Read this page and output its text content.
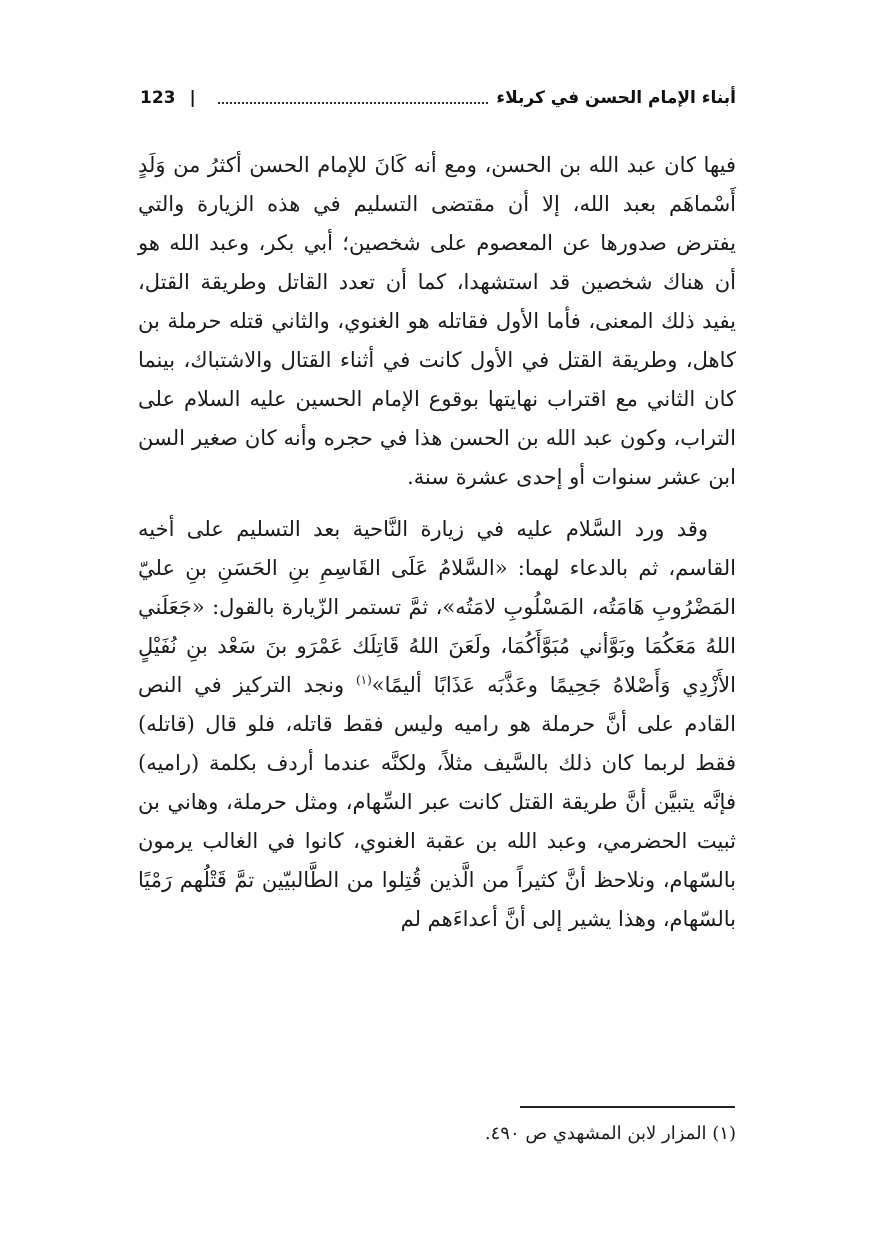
أبناء الإمام الحسن في كربلاء
|
123

فيها كان عبد الله بن الحسن، ومع أنه كَانَ للإمام الحسن أكثرُ من وَلَدٍ أَسْماهَم بعبد الله، إلا أن مقتضى التسليم في هذه الزيارة والتي يفترض صدورها عن المعصوم على شخصين؛ أبي بكر، وعبد الله هو أن هناك شخصين قد استشهدا، كما أن تعدد القاتل وطريقة القتل، يفيد ذلك المعنى، فأما الأول فقاتله هو الغنوي، والثاني قتله حرملة بن كاهل، وطريقة القتل في الأول كانت في أثناء القتال والاشتباك، بينما كان الثاني مع اقتراب نهايتها بوقوع الإمام الحسين عليه السلام على التراب، وكون عبد الله بن الحسن هذا في حجره وأنه كان صغير السن ابن عشر سنوات أو إحدى عشرة سنة.

وقد ورد السَّلام عليه في زيارة النَّاحية بعد التسليم على أخيه القاسم، ثم بالدعاء لهما: «السَّلامُ عَلَى القَاسِمِ بنِ الحَسَنِ بنِ عليّ المَضْرُوبِ هَامَتُه، المَسْلُوبِ لامَتُه»، ثمَّ تستمر الزّيارة بالقول: «جَعَلَني اللهُ مَعَكُمَا وبَوَّأني مُبَوَّأَكُمَا، ولَعَنَ اللهُ قَاتِلَك عَمْرَو بنَ سَعْد بنِ نُفَيْلٍ الأَزْدِي وَأَصْلاهُ جَحِيمًا وعَذَّبَه عَذَابًا أليمًا»$^{(١)}$ ونجد التركيز في النص القادم على أنَّ حرملة هو راميه وليس فقط قاتله، فلو قال (قاتله) فقط لربما كان ذلك بالسَّيف مثلاً، ولكنَّه عندما أردف بكلمة (راميه) فإنَّه يتبيَّن أنَّ طريقة القتل كانت عبر السِّهام، ومثل حرملة، وهاني بن ثبيت الحضرمي، وعبد الله بن عقبة الغنوي، كانوا في الغالب يرمون بالسّهام، ونلاحظ أنَّ كثيراً من الَّذين قُتِلوا من الطَّالبيّين تمَّ قَتْلُهم رَمْيًا بالسّهام، وهذا يشير إلى أنَّ أعداءَهم لم

(١) المزار لابن المشهدي ص ٤٩٠.
